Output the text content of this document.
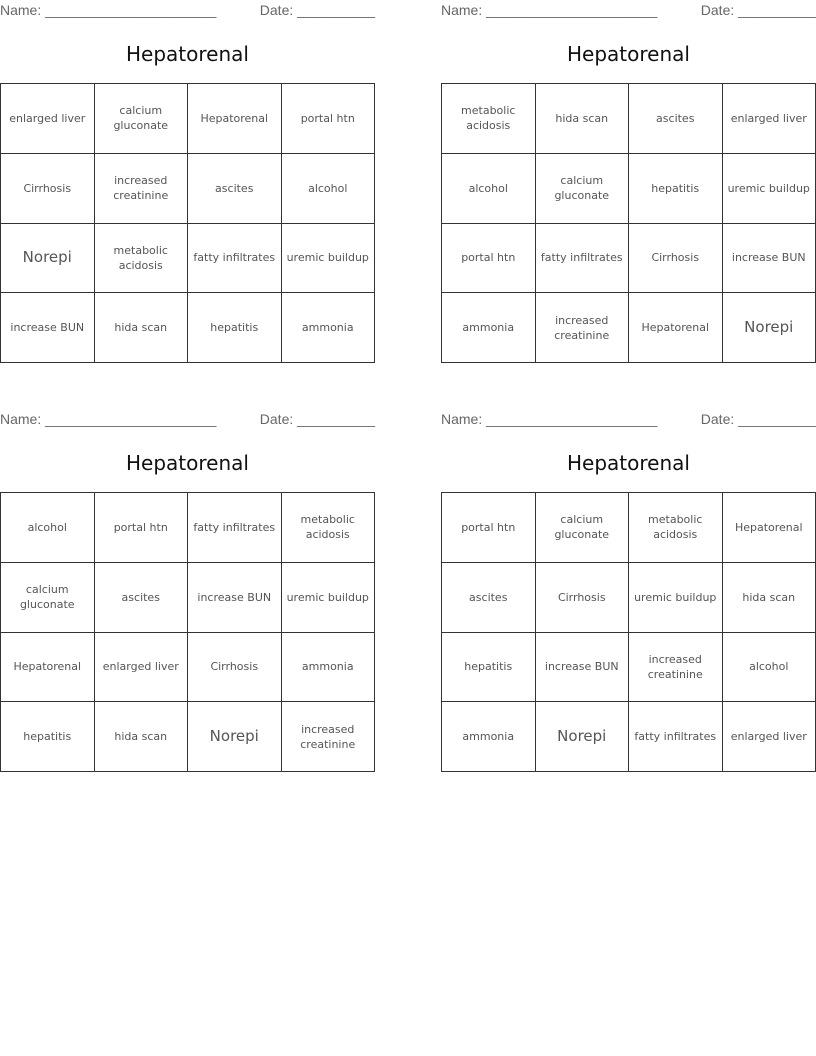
Name: ______________________	Date: __________
Hepatorenal
enlarged liver	calcium gluconate	Hepatorenal	portal htn
Cirrhosis	increased creatinine	ascites	alcohol
Norepi	metabolic acidosis	fatty infiltrates	uremic buildup
increase BUN	hida scan	hepatitis	ammonia
Name: ______________________	Date: __________
Hepatorenal
metabolic acidosis	hida scan	ascites	enlarged liver
alcohol	calcium gluconate	hepatitis	uremic buildup
portal htn	fatty infiltrates	Cirrhosis	increase BUN
ammonia	increased creatinine	Hepatorenal	Norepi
Name: ______________________	Date: __________
Hepatorenal
alcohol	portal htn	fatty infiltrates	metabolic acidosis
calcium gluconate	ascites	increase BUN	uremic buildup
Hepatorenal	enlarged liver	Cirrhosis	ammonia
hepatitis	hida scan	Norepi	increased creatinine
Name: ______________________	Date: __________
Hepatorenal
portal htn	calcium gluconate	metabolic acidosis	Hepatorenal
ascites	Cirrhosis	uremic buildup	hida scan
hepatitis	increase BUN	increased creatinine	alcohol
ammonia	Norepi	fatty infiltrates	enlarged liver
